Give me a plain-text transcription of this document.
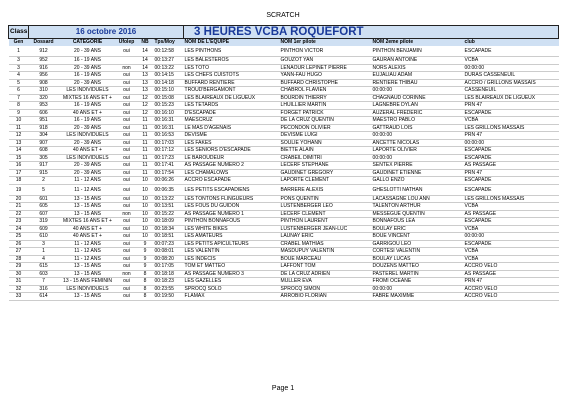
SCRATCH
Class	16 octobre 2016					3 HEURES VCBA ROQUEFORT			
Gen	Dossard	CATÉGORIE	Ufolep	NB	Tps/Moy	NOM DE L'ÉQUIPE	NOM 1er pilote	NOM 2eme pilote	club
1	912	20 - 39 ANS	oui	14	00:12:58	LES PINTHONS	PINTHON VICTOR	PINTHON BENJAMIN	ESCAPADE
3	952	16 - 19 ANS		14	00:13:27	LES BALESTEROS	GOUZOT YAN	GAURAN ANTOINE	VCBA
3	916	20 - 39 ANS	non	14	00:13:22	LES TOTO	LENAOUR LEPINET PIERRE	NORS ALEXIS	00:00:00
4	956	16 - 19 ANS	oui	13	00:14:15	LES CHEFS CUISTOTS	YANN-FAU HUGO	EUJALIAU ADAM	DURAS CASSENEUIL
5	908	20 - 39 ANS	oui	13	00:14:18	BUFFARD RENTIERE	BUFFARD CHRISTOPHE	RENTIERE THIBAU	ACCRO / GRILLONS MASSAIS
6	310	LES INDIVIDUELS	oui	13	00:15:10	TROUD'BERGAMONT	CHABROL FLAVIEN	00:00:00	CASSENEUIL
7	320	MIXTES 16 ANS ET +	oui	12	00:15:08	LES BLAIREAUX DE LIGUEUX	BOURDIN THIERRY	CHAGNAUD CORINNE	LES BLAIREAUX DE LIGUEUX
8	953	16 - 19 ANS	oui	12	00:15:23	LES TETARDS	LHUILLIER MARTIN	LAGNEBRE DYLAN	PRN 47
9	606	40 ANS ET +	oui	12	00:16:10	D'ESCAPADE	FORGET PATRICK	AUZERAL FREDERIC	ESCAPADE
10	951	16 - 19 ANS	oui	11	00:16:31	MAESCRUZ	DE LA CRUZ QUENTIN	MAESTRO PABLO	VCBA
11	918	20 - 39 ANS	oui	11	00:16:31	LE MAS D'AGENAIS	PECONDON OLIVIER	GATTRAUD LOIS	LES GRILLONS MASSAIS
12	304	LES INDIVIDUELS	oui	11	00:16:53	DEVISME	DEVISME LUIGI	00:00:00	PRN 47
13	907	20 - 39 ANS	oui	11	00:17:03	LES FAKES	SOULIE YOHANN	ANCETTE NICOLAS	00:00:00
14	608	40 ANS ET +	oui	11	00:17:12	LES SENIORS D'ESCAPADE	BIETTE ALAIN	LAPORTE OLIVIER	ESCAPADE
15	305	LES INDIVIDUELS	oui	11	00:17:23	LE BAROUDEUR	CRABEIL DIMITRI	00:00:00	ESCAPADE
16	917	20 - 39 ANS	oui	11	00:17:41	AS PASSAGE NUMERO 2	LECERF STEPHANE	SENTEX PIERRE	AS PASSAGE
17	915	20 - 39 ANS	oui	11	00:17:54	LES CHAMALOWS	GAUDINET GREGORY	GAUDINET ETIENNE	PRN 47
18	2	11 - 12 ANS	oui	10	00:06:26	ACCRO ESCAPADE	LAPORTE CLEMENT	GALLO ENZO	ESCAPADE
19	5	11 - 12 ANS	oui	10	00:06:35	LES PETITS ESCAPADIENS	BARRERE ALEXIS	GHESLOTTI NATHAN	ESCAPADE
20	601	13 - 15 ANS	oui	10	00:13:22	LES TONTONS FLINGUEURS	PONS QUENTIN	LACASSAGNE LOU ANN	LES GRILLONS MASSAIS
21	605	13 - 15 ANS	oui	10	00:13:51	LES FOUS DU GUIDON	LUSTENBERGER LEO	TALENTON ARTHUR	VCBA
22	607	13 - 15 ANS	non	10	00:15:22	AS PASSAGE NUMERO 1	LECERF CLEMENT	MESSEGUE QUENTIN	AS PASSAGE
23	319	MIXTES 16 ANS ET +	oui	10	00:18:09	PINTHON BONNAFOUS	PINTHON LAURENT	BONNAFOUS LEA	ESCAPADE
24	609	40 ANS ET +	oui	10	00:18:34	LES WHITE BIKES	LUSTENBERGER JEAN-LUC	BOULAY ERIC	VCBA
25	610	40 ANS ET +	oui	10	00:18:51	LES AMATEURS	LAUNAY ERIC	BOUE VINCENT	00:00:00
26	3	11 - 12 ANS	oui	9	00:07:23	LES PETITS APICULTEURS	CRABEL MATHIAS	GARRIGOU LEO	ESCAPADE
27	1	11 - 12 ANS	oui	9	00:08:01	LES VALENTIN	MASDUPUY VALENTIN	CORTESI VALENTIN	VCBA
28	4	11 - 12 ANS	oui	9	00:08:20	LES INDECIS	BOUE MARCEAU	BOULAY LUCAS	VCBA
29	615	13 - 15 ANS	oui	9	00:17:05	TOM ET MATTEO	LAFFONT TOM	DOUZENS MATTEO	ACCRO VELO
30	603	13 - 15 ANS	non	8	00:18:18	AS PASSAGE NUMERO 3	DE LA CRUZ ADRIEN	PASTEREL MARTIN	AS PASSAGE
31	7	13 - 15 ANS FEMININ	oui	8	00:18:23	LES GAZELLES	MULLER EVA	FROMI OCEANE	PRN 47
32	316	LES INDIVIDUELS	oui	8	00:23:55	SPROCQ SOLO	SPROCQ SIMON	00:00:00	ACCRO VELO
33	614	13 - 15 ANS	oui	8	00:19:50	FLAMAX	ARROBIO FLORIAN	FABRE MAXIMME	ACCRO VELO
Page 1
